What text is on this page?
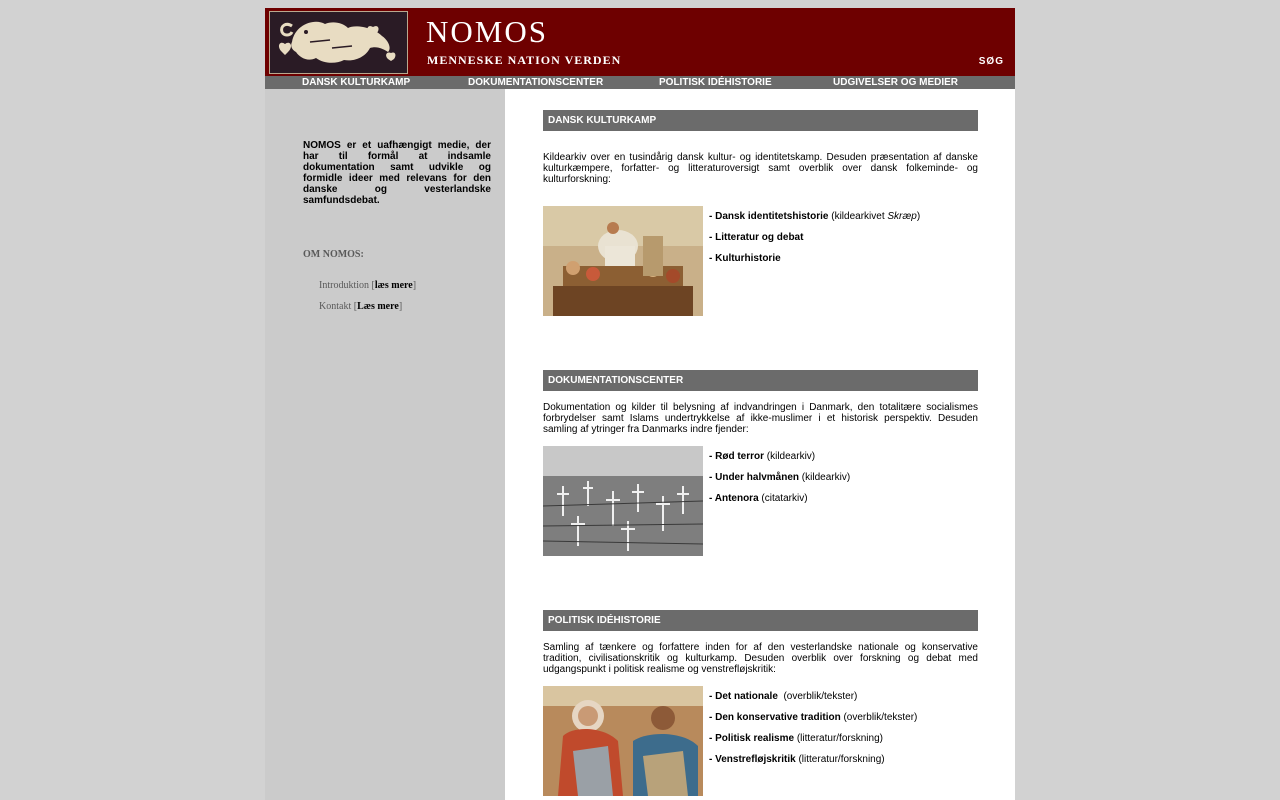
NOMOS
MENNESKE NATION VERDEN	SØG
DANSK KULTURKAMP	DOKUMENTATIONSCENTER	POLITISK IDÉHISTORIE	UDGIVELSER OG MEDIER
NOMOS er et uafhængigt medie, der har til formål at indsamle dokumentation samt udvikle og formidle ideer med relevans for den danske og vesterlandske samfundsdebat.
OM NOMOS:
Introduktion [læs mere]
Kontakt [Læs mere]
DANSK KULTURKAMP
Kildearkiv over en tusindårig dansk kultur- og identitetskamp. Desuden præsentation af danske kulturkæmpere, forfatter- og litteraturoversigt samt overblik over dansk folkeminde- og kulturforskning:
- Dansk identitetshistorie (kildearkivet Skræp)
- Litteratur og debat
- Kulturhistorie
DOKUMENTATIONSCENTER
Dokumentation og kilder til belysning af indvandringen i Danmark, den totalitære socialismes forbrydelser samt Islams undertrykkelse af ikke-muslimer i et historisk perspektiv. Desuden samling af ytringer fra Danmarks indre fjender:
- Rød terror (kildearkiv)
- Under halvmånen (kildearkiv)
- Antenora (citatarkiv)
POLITISK IDÉHISTORIE
Samling af tænkere og forfattere inden for af den vesterlandske nationale og konservative tradition, civilisationskritik og kulturkamp. Desuden overblik over forskning og debat med udgangspunkt i politisk realisme og venstrefløjskritik:
- Det nationale  (overblik/tekster)
- Den konservative tradition (overblik/tekster)
- Politisk realisme (litteratur/forskning)
- Venstrefløjskritik (litteratur/forskning)
